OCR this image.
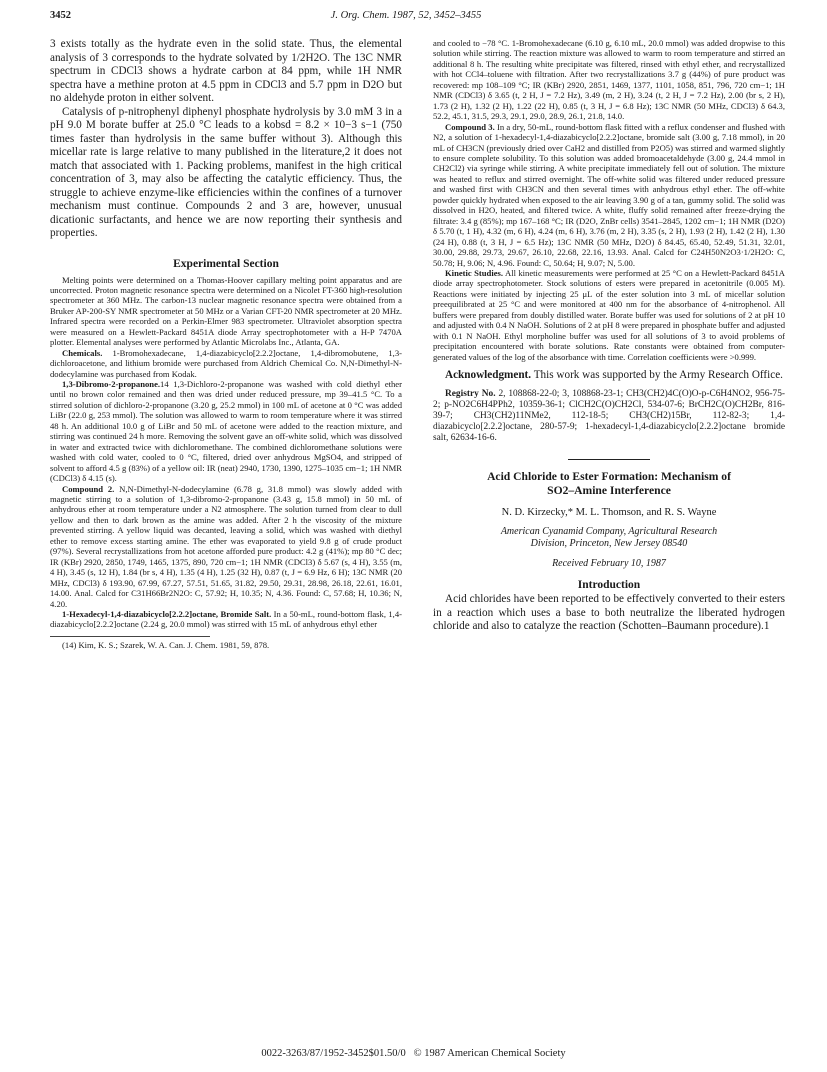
3452	J. Org. Chem. 1987, 52, 3452–3455

3 exists totally as the hydrate even in the solid state. Thus, the elemental analysis of 3 corresponds to the hydrate solvated by 1/2H2O. The 13C NMR spectrum in CDCl3 shows a hydrate carbon at 84 ppm, while 1H NMR spectra have a methine proton at 4.5 ppm in CDCl3 and 5.7 ppm in D2O but no aldehyde proton in either solvent.

Catalysis of p-nitrophenyl diphenyl phosphate hydrolysis by 3.0 mM 3 in a pH 9.0 M borate buffer at 25.0 °C leads to a kobsd = 8.2 × 10−3 s−1 (750 times faster than hydrolysis in the same buffer without 3). Although this micellar rate is large relative to many published in the literature,2 it does not match that associated with 1. Packing problems, manifest in the high critical concentration of 3, may also be affecting the catalytic efficiency. Thus, the struggle to achieve enzyme-like efficiencies within the confines of a turnover mechanism must continue. Compounds 2 and 3 are, however, unusual dicationic surfactants, and hence we are now reporting their synthesis and properties.

Experimental Section

Melting points were determined on a Thomas-Hoover capillary melting point apparatus and are uncorrected. Proton magnetic resonance spectra were determined on a Nicolet FT-360 high-resolution spectrometer at 360 MHz. The carbon-13 nuclear magnetic resonance spectra were obtained from a Bruker AP-200-SY NMR spectrometer at 50 MHz or a Varian CFT-20 NMR spectrometer at 20 MHz. Infrared spectra were recorded on a Perkin-Elmer 983 spectrometer. Ultraviolet absorption spectra were measured on a Hewlett-Packard 8451A diode Array spectrophotometer with a H-P 7470A plotter. Elemental analyses were performed by Atlantic Microlabs Inc., Atlanta, GA.

Chemicals. 1-Bromohexadecane, 1,4-diazabicyclo[2.2.2]octane, 1,4-dibromobutene, 1,3-dichloroacetone, and lithium bromide were purchased from Aldrich Chemical Co. N,N-Dimethyl-N-dodecylamine was purchased from Kodak.

1,3-Dibromo-2-propanone.14 1,3-Dichloro-2-propanone was washed with cold diethyl ether until no brown color remained and then was dried under reduced pressure, mp 39–41.5 °C. To a stirred solution of dichloro-2-propanone (3.20 g, 25.2 mmol) in 100 mL of acetone at 0 °C was added LiBr (22.0 g, 253 mmol). The solution was allowed to warm to room temperature where it was stirred 48 h. An additional 10.0 g of LiBr and 50 mL of acetone were added to the reaction mixture, and stirring was continued 24 h more. Removing the solvent gave an off-white solid, which was dissolved in water and extracted twice with dichloromethane. The combined dichloromethane solutions were washed with cold water, cooled to 0 °C, filtered, dried over anhydrous MgSO4, and stripped of solvent to afford 4.5 g (83%) of a yellow oil: IR (neat) 2940, 1730, 1390, 1275–1035 cm−1; 1H NMR (CDCl3) δ 4.15 (s).

Compound 2. N,N-Dimethyl-N-dodecylamine (6.78 g, 31.8 mmol) was slowly added with magnetic stirring to a solution of 1,3-dibromo-2-propanone (3.43 g, 15.8 mmol) in 50 mL of anhydrous ether at room temperature under a N2 atmosphere. The solution turned from clear to dull yellow and then to dark brown as the amine was added. After 2 h the viscosity of the mixture prevented stirring. A yellow liquid was decanted, leaving a solid, which was washed with diethyl ether to remove excess starting amine. The ether was evaporated to yield 9.8 g of crude product (97%). Several recrystallizations from hot acetone afforded pure product: 4.2 g (41%); mp 80 °C dec; IR (KBr) 2920, 2850, 1749, 1465, 1375, 890, 720 cm−1; 1H NMR (CDCl3) δ 5.67 (s, 4 H), 3.55 (m, 4 H), 3.45 (s, 12 H), 1.84 (br s, 4 H), 1.35 (4 H), 1.25 (32 H), 0.87 (t, J = 6.9 Hz, 6 H); 13C NMR (20 MHz, CDCl3) δ 193.90, 67.99, 67.27, 57.51, 51.65, 31.82, 29.50, 29.31, 28.98, 26.18, 22.61, 16.01, 14.00. Anal. Calcd for C31H66Br2N2O: C, 57.92; H, 10.35; N, 4.36. Found: C, 57.68; H, 10.36; N, 4.20.

1-Hexadecyl-1,4-diazabicyclo[2.2.2]octane, Bromide Salt. In a 50-mL, round-bottom flask, 1,4-diazabicyclo[2.2.2]octane (2.24 g, 20.0 mmol) was stirred with 15 mL of anhydrous ethyl ether

(14) Kim, K. S.; Szarek, W. A. Can. J. Chem. 1981, 59, 878.

and cooled to −78 °C. 1-Bromohexadecane (6.10 g, 6.10 mL, 20.0 mmol) was added dropwise to this solution while stirring. The reaction mixture was allowed to warm to room temperature and stirred an additional 8 h. The resulting white precipitate was filtered, rinsed with ethyl ether, and recrystallized with hot CCl4–toluene with filtration. After two recrystallizations 3.7 g (44%) of pure product was recovered: mp 108–109 °C; IR (KBr) 2920, 2851, 1469, 1377, 1101, 1058, 851, 796, 720 cm−1; 1H NMR (CDCl3) δ 3.65 (t, 2 H, J = 7.2 Hz), 3.49 (m, 2 H), 3.24 (t, 2 H, J = 7.2 Hz), 2.00 (br s, 2 H), 1.73 (2 H), 1.32 (2 H), 1.22 (22 H), 0.85 (t, 3 H, J = 6.8 Hz); 13C NMR (50 MHz, CDCl3) δ 64.3, 52.2, 45.1, 31.5, 29.3, 29.1, 29.0, 28.9, 26.1, 21.8, 14.0.

Compound 3. In a dry, 50-mL, round-bottom flask fitted with a reflux condenser and flushed with N2, a solution of 1-hexadecyl-1,4-diazabicyclo[2.2.2]octane, bromide salt (3.00 g, 7.18 mmol), in 20 mL of CH3CN (previously dried over CaH2 and distilled from P2O5) was stirred and warmed slightly to ensure complete solubility. To this solution was added bromoacetaldehyde (3.00 g, 24.4 mmol in CH2Cl2) via syringe while stirring. A white precipitate immediately fell out of solution. The mixture was heated to reflux and stirred overnight. The off-white solid was filtered under reduced pressure and washed first with CH3CN and then several times with anhydrous ethyl ether. The off-white powder quickly hydrated when exposed to the air leaving 3.90 g of a tan, gummy solid. The solid was dissolved in H2O, heated, and filtered twice. A white, fluffy solid remained after freeze-drying the filtrate: 3.4 g (85%); mp 167–168 °C; IR (D2O, ZnBr cells) 3541–2845, 1202 cm−1; 1H NMR (D2O) δ 5.70 (t, 1 H), 4.32 (m, 6 H), 4.24 (m, 6 H), 3.76 (m, 2 H), 3.35 (s, 2 H), 1.93 (2 H), 1.42 (2 H), 1.30 (24 H), 0.88 (t, 3 H, J = 6.5 Hz); 13C NMR (50 MHz, D2O) δ 84.45, 65.40, 52.49, 51.31, 32.01, 30.00, 29.88, 29.73, 29.67, 26.10, 22.68, 22.16, 13.93. Anal. Calcd for C24H50N2O3·1/2H2O: C, 50.78; H, 9.06; N, 4.96. Found: C, 50.64; H, 9.07; N, 5.00.

Kinetic Studies. All kinetic measurements were performed at 25 °C on a Hewlett-Packard 8451A diode array spectrophotometer. Stock solutions of esters were prepared in acetonitrile (0.005 M). Reactions were initiated by injecting 25 μL of the ester solution into 3 mL of micellar solution preequilibrated at 25 °C and were monitored at 400 nm for the absorbance of 4-nitrophenol. All buffers were prepared from doubly distilled water. Borate buffer was used for solutions of 2 at pH 10 and adjusted with 0.4 N NaOH. Solutions of 2 at pH 8 were prepared in phosphate buffer and adjusted with 0.1 N NaOH. Ethyl morpholine buffer was used for all solutions of 3 to avoid problems of precipitation encountered with borate solutions. Rate constants were obtained from computer-generated values of the log of the absorbance with time. Correlation coefficients were >0.999.

Acknowledgment. This work was supported by the Army Research Office.

Registry No. 2, 108868-22-0; 3, 108868-23-1; CH3(CH2)4C(O)O-p-C6H4NO2, 956-75-2; p-NO2C6H4PPh2, 10359-36-1; ClCH2C(O)CH2Cl, 534-07-6; BrCH2C(O)CH2Br, 816-39-7; CH3(CH2)11NMe2, 112-18-5; CH3(CH2)15Br, 112-82-3; 1,4-diazabicyclo[2.2.2]octane, 280-57-9; 1-hexadecyl-1,4-diazabicyclo[2.2.2]octane bromide salt, 62634-16-6.

Acid Chloride to Ester Formation: Mechanism of

SO2–Amine Interference

N. D. Kirzecky,* M. L. Thomson, and R. S. Wayne

American Cyanamid Company, Agricultural Research

Division, Princeton, New Jersey 08540

Received February 10, 1987

Introduction

Acid chlorides have been reported to be effectively converted to their esters in a reaction which uses a base to both neutralize the liberated hydrogen chloride and also to catalyze the reaction (Schotten–Baumann procedure).1

0022-3263/87/1952-3452$01.50/0 © 1987 American Chemical Society
